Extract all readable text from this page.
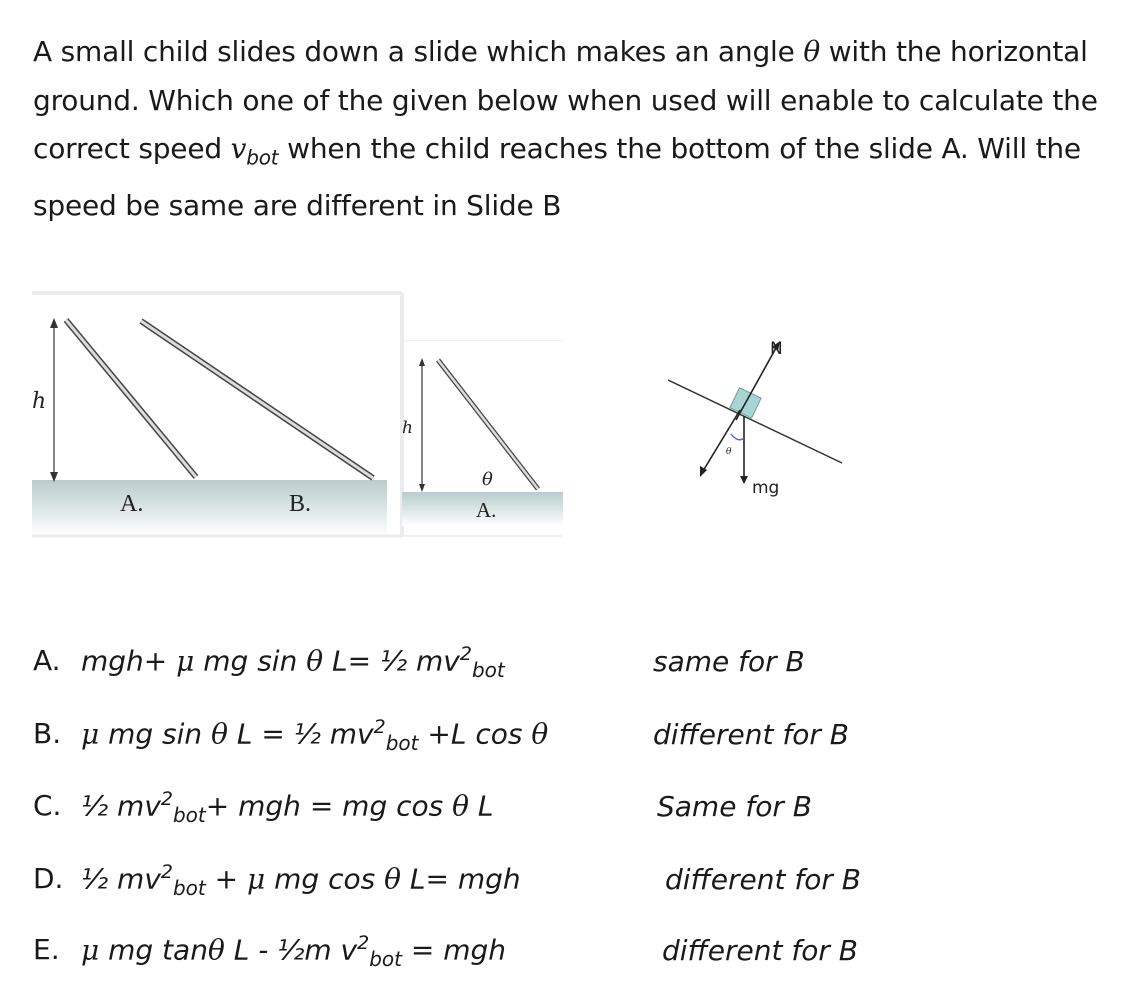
A small child slides down a slide which makes an angle θ with the horizontal ground. Which one of the given below when used will enable to calculate the correct speed $v_{bot}$ when the child reaches the bottom of the slide A. Will the speed be same are different in Slide B
h
A.	B.
h
θ
A.
N
θ
mg
A. mgh+ μ mg sin θ L= ½ $mv^2_{bot}$	same for B
B. μ mg sin θ L = ½ $mv^2_{bot} +L$ cos θ	different for B
C. ½ $mv^2_{bot}+$ mgh = mg cos θ L	Same for B
D. ½ $mv^2_{bot} + \mu$ mg cos θ L= mgh	different for B
E. μ mg tanθ L - ½m $v^2_{bot}$ = mgh	different for B
